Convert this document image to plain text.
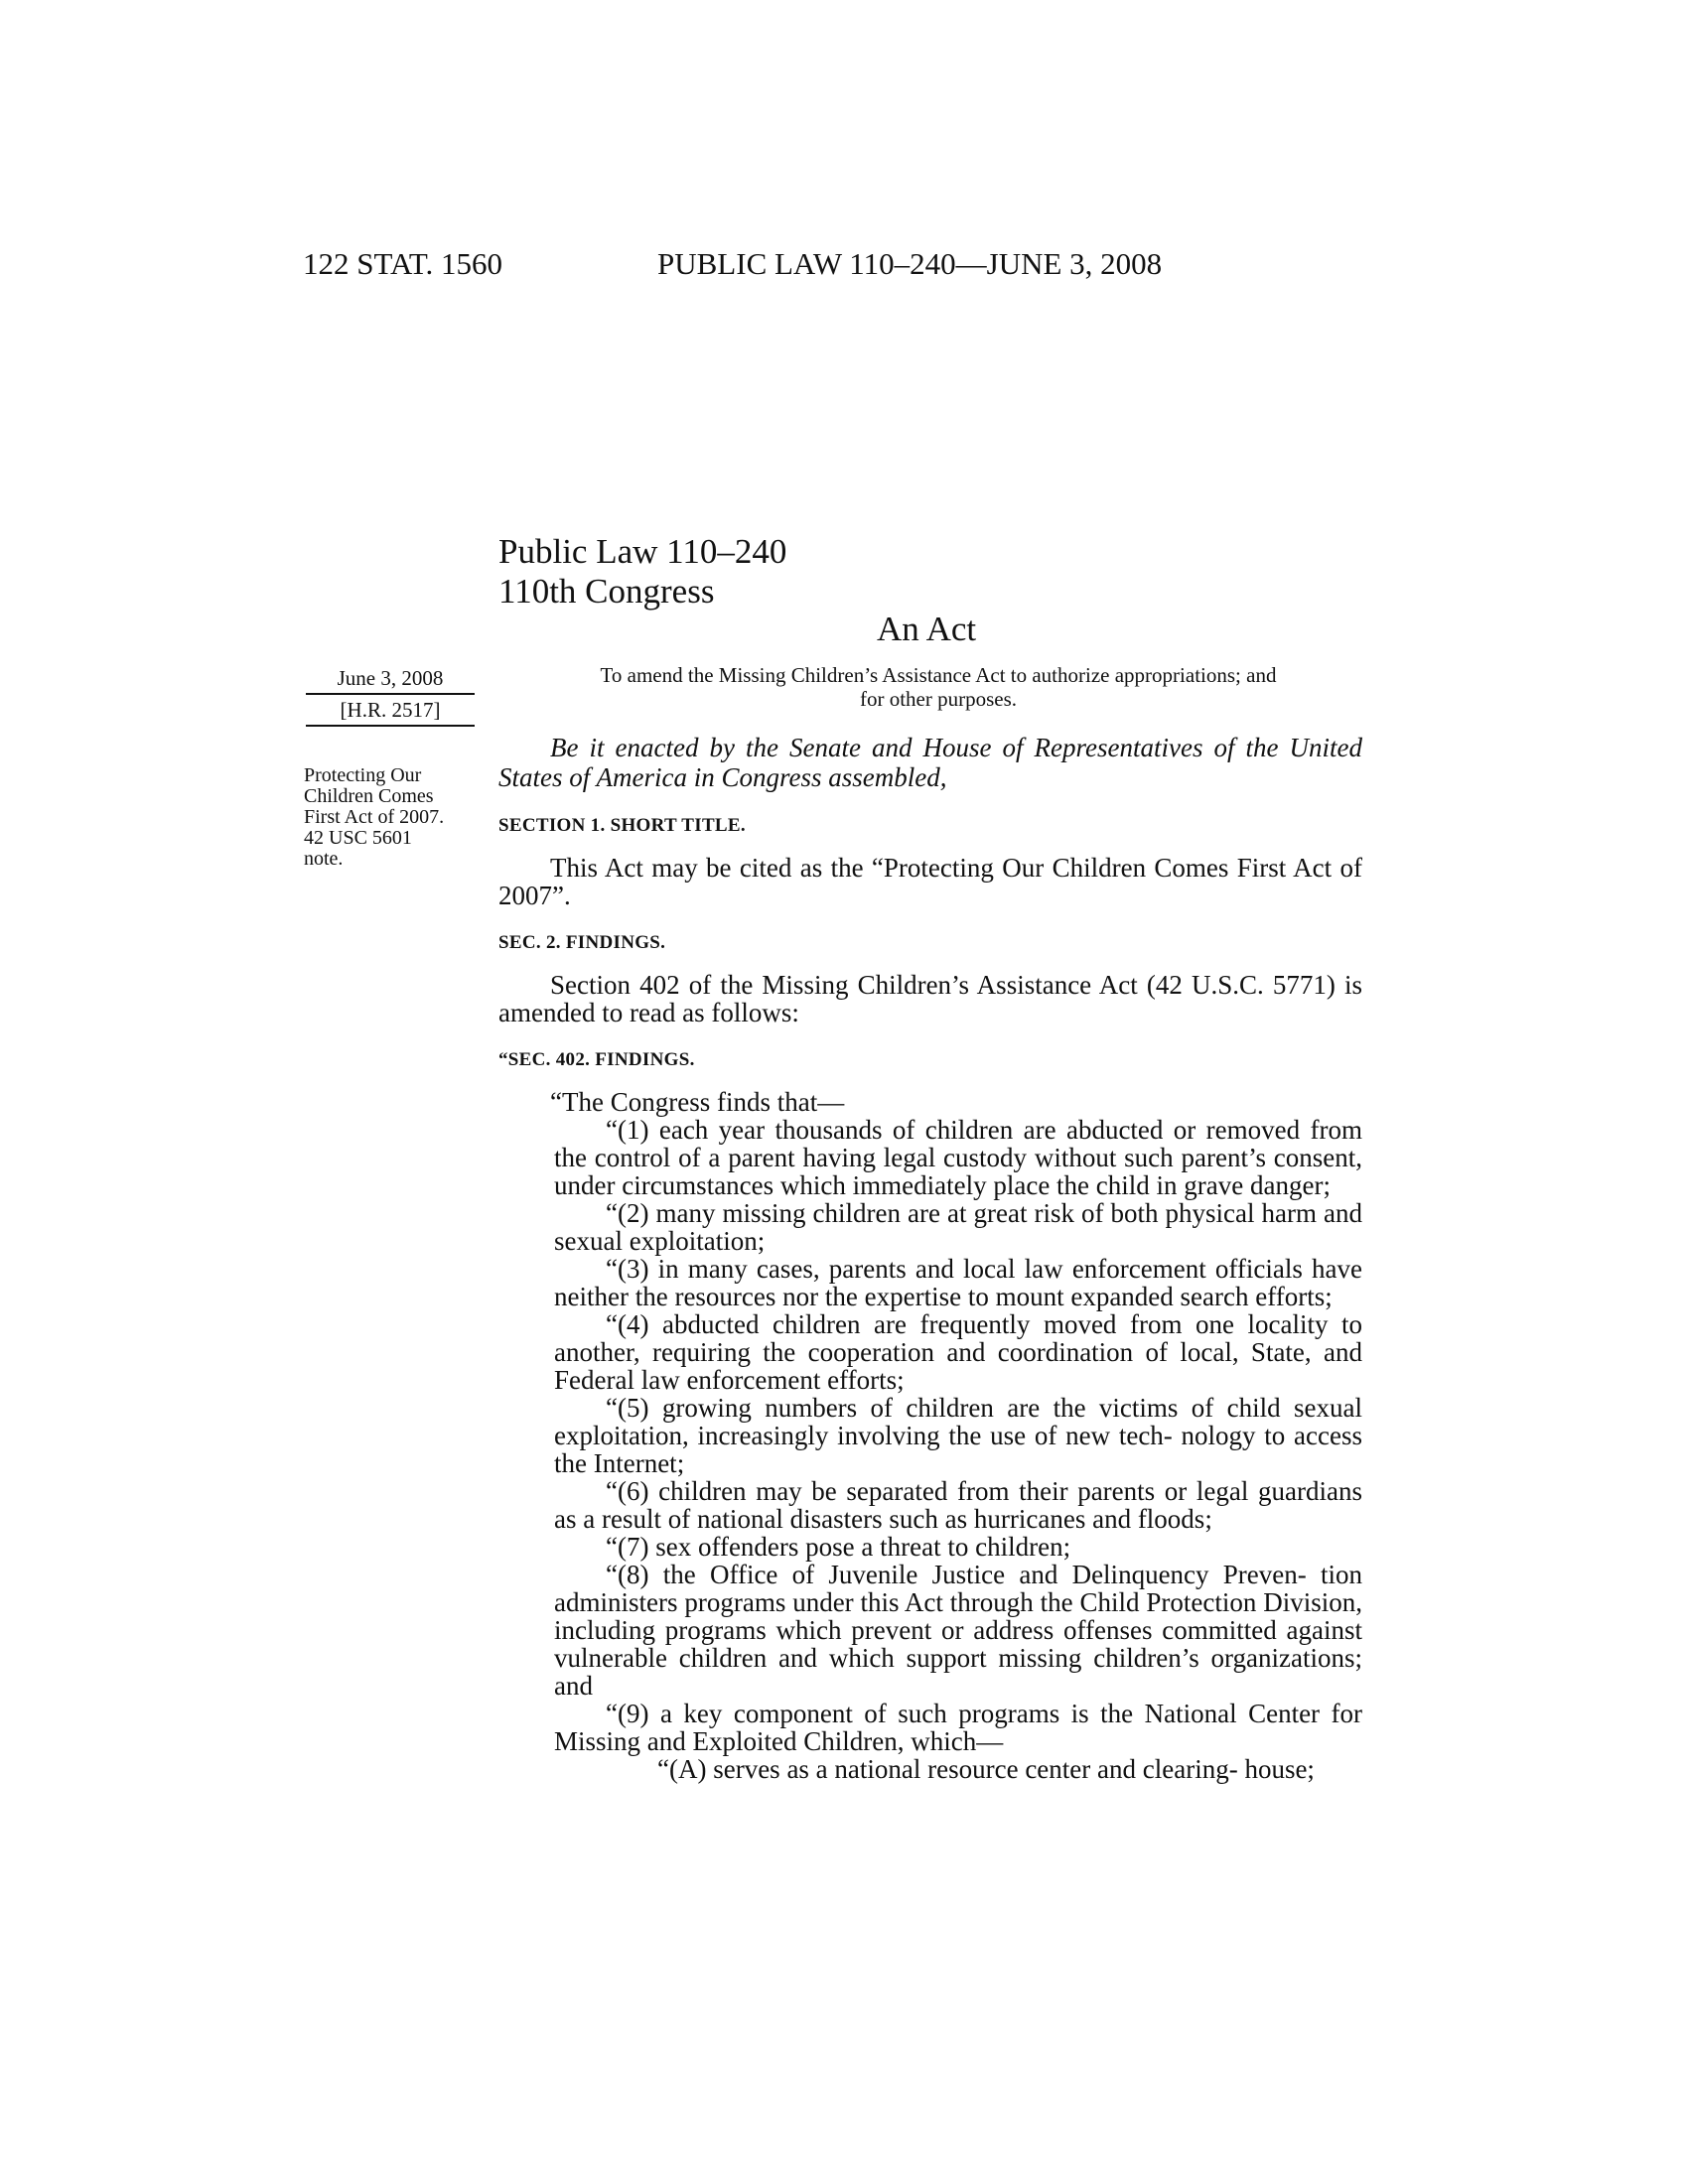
122 STAT. 1560	PUBLIC LAW 110–240—JUNE 3, 2008
Public Law 110–240
110th Congress
An Act
June 3, 2008
[H.R. 2517]
To amend the Missing Children’s Assistance Act to authorize appropriations; and
for other purposes.
Protecting Our
Children Comes
First Act of 2007.
42 USC 5601
note.

Be it enacted by the Senate and House of Representatives of the United States of America in Congress assembled,

SECTION 1. SHORT TITLE.

This Act may be cited as the “Protecting Our Children Comes First Act of 2007”.

SEC. 2. FINDINGS.

Section 402 of the Missing Children’s Assistance Act (42 U.S.C. 5771) is amended to read as follows:

“SEC. 402. FINDINGS.

“The Congress finds that—

“(1) each year thousands of children are abducted or removed from the control of a parent having legal custody without such parent’s consent, under circumstances which immediately place the child in grave danger;

“(2) many missing children are at great risk of both physical harm and sexual exploitation;

“(3) in many cases, parents and local law enforcement officials have neither the resources nor the expertise to mount expanded search efforts;

“(4) abducted children are frequently moved from one locality to another, requiring the cooperation and coordination of local, State, and Federal law enforcement efforts;

“(5) growing numbers of children are the victims of child sexual exploitation, increasingly involving the use of new tech- nology to access the Internet;

“(6) children may be separated from their parents or legal guardians as a result of national disasters such as hurricanes and floods;

“(7) sex offenders pose a threat to children;

“(8) the Office of Juvenile Justice and Delinquency Preven- tion administers programs under this Act through the Child Protection Division, including programs which prevent or address offenses committed against vulnerable children and which support missing children’s organizations; and

“(9) a key component of such programs is the National Center for Missing and Exploited Children, which—

“(A) serves as a national resource center and clearing- house;
